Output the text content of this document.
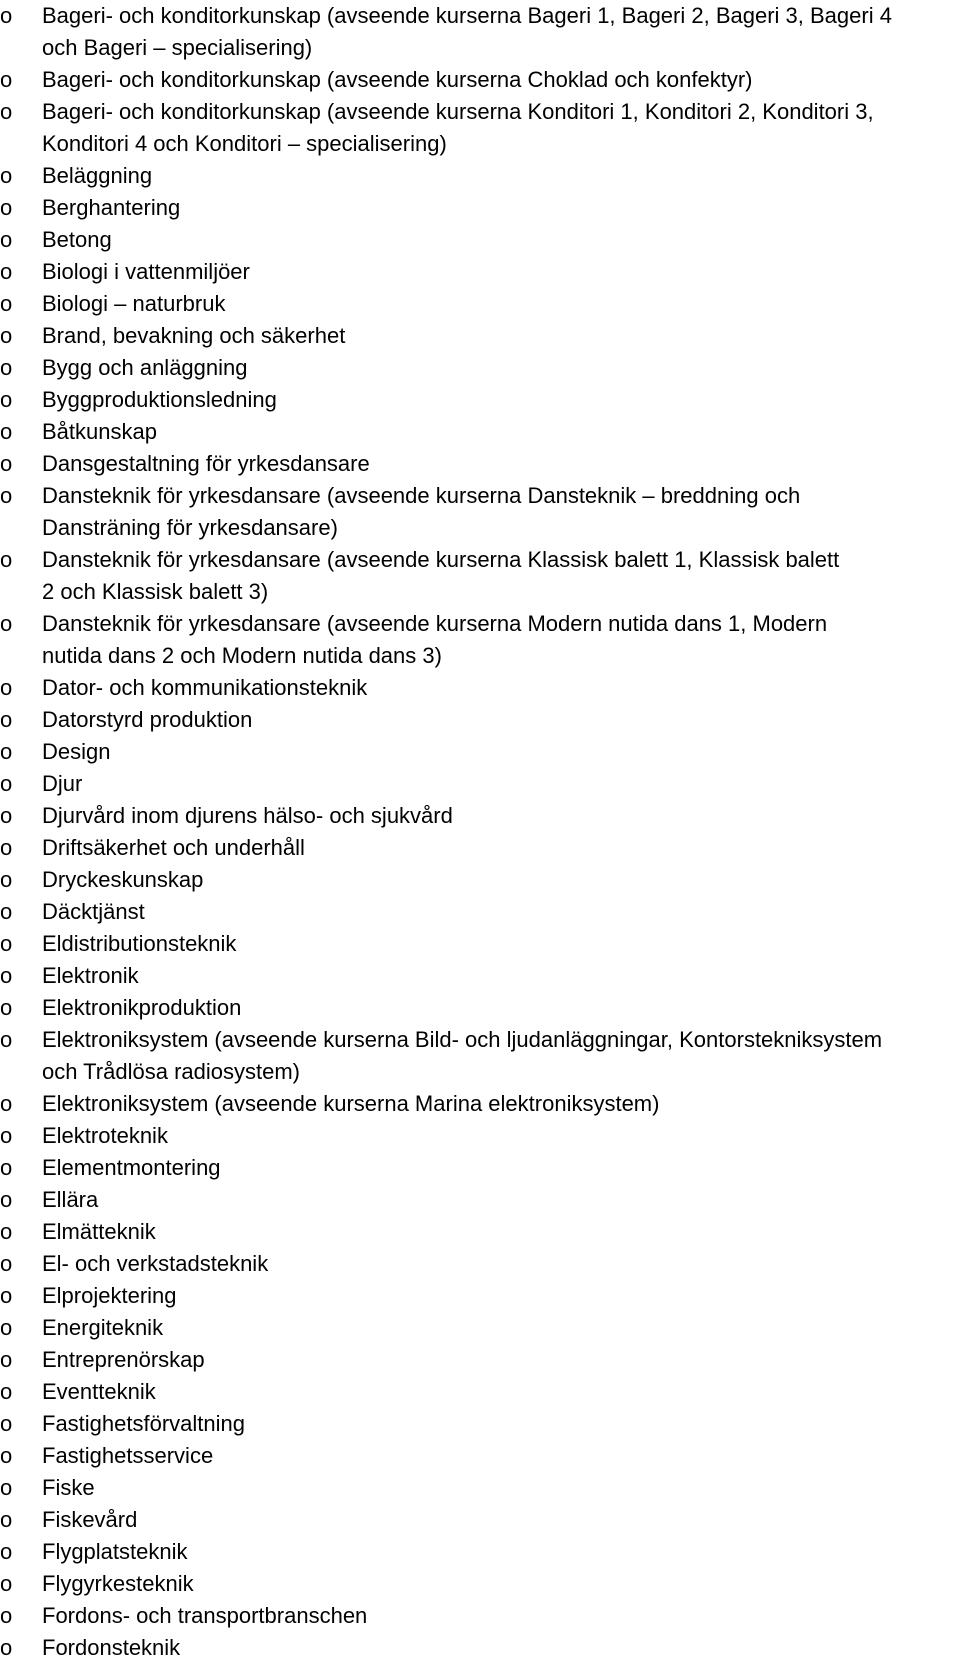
o	Bageri- och konditorkunskap (avseende kurserna Bageri 1, Bageri 2, Bageri 3, Bageri 4
och Bageri – specialisering)
o	Bageri- och konditorkunskap (avseende kurserna Choklad och konfektyr)
o	Bageri- och konditorkunskap (avseende kurserna Konditori 1, Konditori 2, Konditori 3,
Konditori 4 och Konditori – specialisering)
o	Beläggning
o	Berghantering
o	Betong
o	Biologi i vattenmiljöer
o	Biologi – naturbruk
o	Brand, bevakning och säkerhet
o	Bygg och anläggning
o	Byggproduktionsledning
o	Båtkunskap
o	Dansgestaltning för yrkesdansare
o	Dansteknik för yrkesdansare (avseende kurserna Dansteknik – breddning och
Dansträning för yrkesdansare)
o	Dansteknik för yrkesdansare (avseende kurserna Klassisk balett 1, Klassisk balett
2 och Klassisk balett 3)
o	Dansteknik för yrkesdansare (avseende kurserna Modern nutida dans 1, Modern
nutida dans 2 och Modern nutida dans 3)
o	Dator- och kommunikationsteknik
o	Datorstyrd produktion
o	Design
o	Djur
o	Djurvård inom djurens hälso- och sjukvård
o	Driftsäkerhet och underhåll
o	Dryckeskunskap
o	Däcktjänst
o	Eldistributionsteknik
o	Elektronik
o	Elektronikproduktion
o	Elektroniksystem (avseende kurserna Bild- och ljudanläggningar, Kontorstekniksystem
och Trådlösa radiosystem)
o	Elektroniksystem (avseende kurserna Marina elektroniksystem)
o	Elektroteknik
o	Elementmontering
o	Ellära
o	Elmätteknik
o	El- och verkstadsteknik
o	Elprojektering
o	Energiteknik
o	Entreprenörskap
o	Eventteknik
o	Fastighetsförvaltning
o	Fastighetsservice
o	Fiske
o	Fiskevård
o	Flygplatsteknik
o	Flygyrkesteknik
o	Fordons- och transportbranschen
o	Fordonsteknik
